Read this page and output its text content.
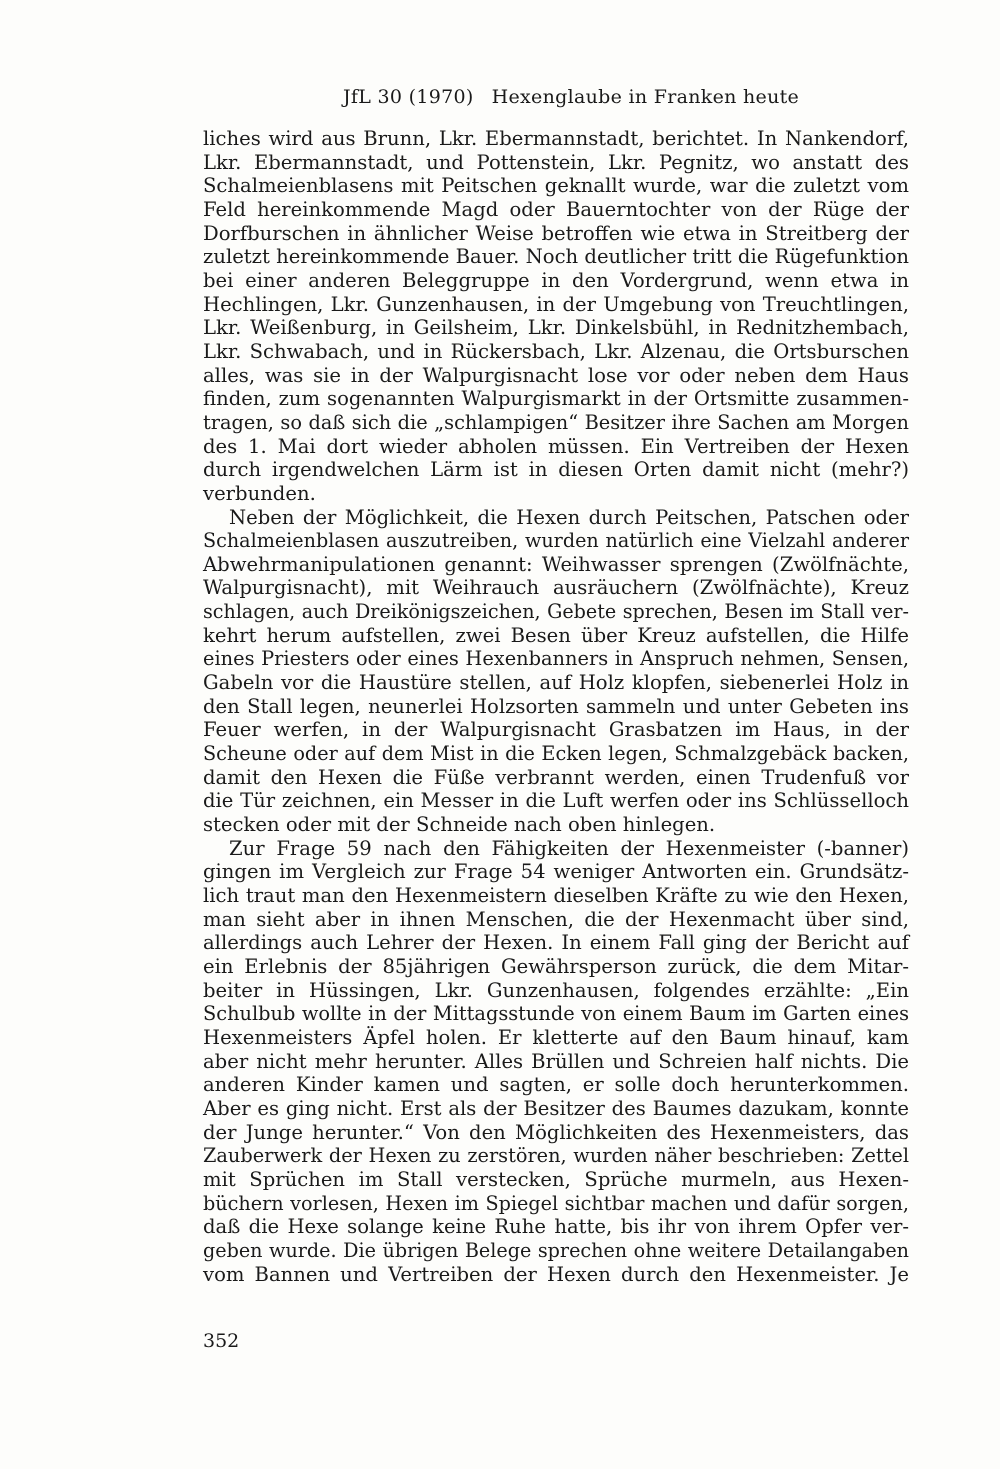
JfL 30 (1970) Hexenglaube in Franken heute
liches wird aus Brunn, Lkr. Ebermannstadt, berichtet. In Nankendorf,
Lkr. Ebermannstadt, und Pottenstein, Lkr. Pegnitz, wo anstatt des
Schalmeienblasens mit Peitschen geknallt wurde, war die zuletzt vom
Feld hereinkommende Magd oder Bauerntochter von der Rüge der
Dorfburschen in ähnlicher Weise betroffen wie etwa in Streitberg der
zuletzt hereinkommende Bauer. Noch deutlicher tritt die Rügefunktion
bei einer anderen Beleggruppe in den Vordergrund, wenn etwa in
Hechlingen, Lkr. Gunzenhausen, in der Umgebung von Treuchtlingen,
Lkr. Weißenburg, in Geilsheim, Lkr. Dinkelsbühl, in Rednitzhembach,
Lkr. Schwabach, und in Rückersbach, Lkr. Alzenau, die Ortsburschen
alles, was sie in der Walpurgisnacht lose vor oder neben dem Haus
finden, zum sogenannten Walpurgismarkt in der Ortsmitte zusammen-
tragen, so daß sich die „schlampigen“ Besitzer ihre Sachen am Morgen
des 1. Mai dort wieder abholen müssen. Ein Vertreiben der Hexen
durch irgendwelchen Lärm ist in diesen Orten damit nicht (mehr?)
verbunden.
Neben der Möglichkeit, die Hexen durch Peitschen, Patschen oder
Schalmeienblasen auszutreiben, wurden natürlich eine Vielzahl anderer
Abwehrmanipulationen genannt: Weihwasser sprengen (Zwölfnächte,
Walpurgisnacht), mit Weihrauch ausräuchern (Zwölfnächte), Kreuz
schlagen, auch Dreikönigszeichen, Gebete sprechen, Besen im Stall ver-
kehrt herum aufstellen, zwei Besen über Kreuz aufstellen, die Hilfe
eines Priesters oder eines Hexenbanners in Anspruch nehmen, Sensen,
Gabeln vor die Haustüre stellen, auf Holz klopfen, siebenerlei Holz in
den Stall legen, neunerlei Holzsorten sammeln und unter Gebeten ins
Feuer werfen, in der Walpurgisnacht Grasbatzen im Haus, in der
Scheune oder auf dem Mist in die Ecken legen, Schmalzgebäck backen,
damit den Hexen die Füße verbrannt werden, einen Trudenfuß vor
die Tür zeichnen, ein Messer in die Luft werfen oder ins Schlüsselloch
stecken oder mit der Schneide nach oben hinlegen.
Zur Frage 59 nach den Fähigkeiten der Hexenmeister (-banner)
gingen im Vergleich zur Frage 54 weniger Antworten ein. Grundsätz-
lich traut man den Hexenmeistern dieselben Kräfte zu wie den Hexen,
man sieht aber in ihnen Menschen, die der Hexenmacht über sind,
allerdings auch Lehrer der Hexen. In einem Fall ging der Bericht auf
ein Erlebnis der 85jährigen Gewährsperson zurück, die dem Mitar-
beiter in Hüssingen, Lkr. Gunzenhausen, folgendes erzählte: „Ein
Schulbub wollte in der Mittagsstunde von einem Baum im Garten eines
Hexenmeisters Äpfel holen. Er kletterte auf den Baum hinauf, kam
aber nicht mehr herunter. Alles Brüllen und Schreien half nichts. Die
anderen Kinder kamen und sagten, er solle doch herunterkommen.
Aber es ging nicht. Erst als der Besitzer des Baumes dazukam, konnte
der Junge herunter.“ Von den Möglichkeiten des Hexenmeisters, das
Zauberwerk der Hexen zu zerstören, wurden näher beschrieben: Zettel
mit Sprüchen im Stall verstecken, Sprüche murmeln, aus Hexen-
büchern vorlesen, Hexen im Spiegel sichtbar machen und dafür sorgen,
daß die Hexe solange keine Ruhe hatte, bis ihr von ihrem Opfer ver-
geben wurde. Die übrigen Belege sprechen ohne weitere Detailangaben
vom Bannen und Vertreiben der Hexen durch den Hexenmeister. Je
352
